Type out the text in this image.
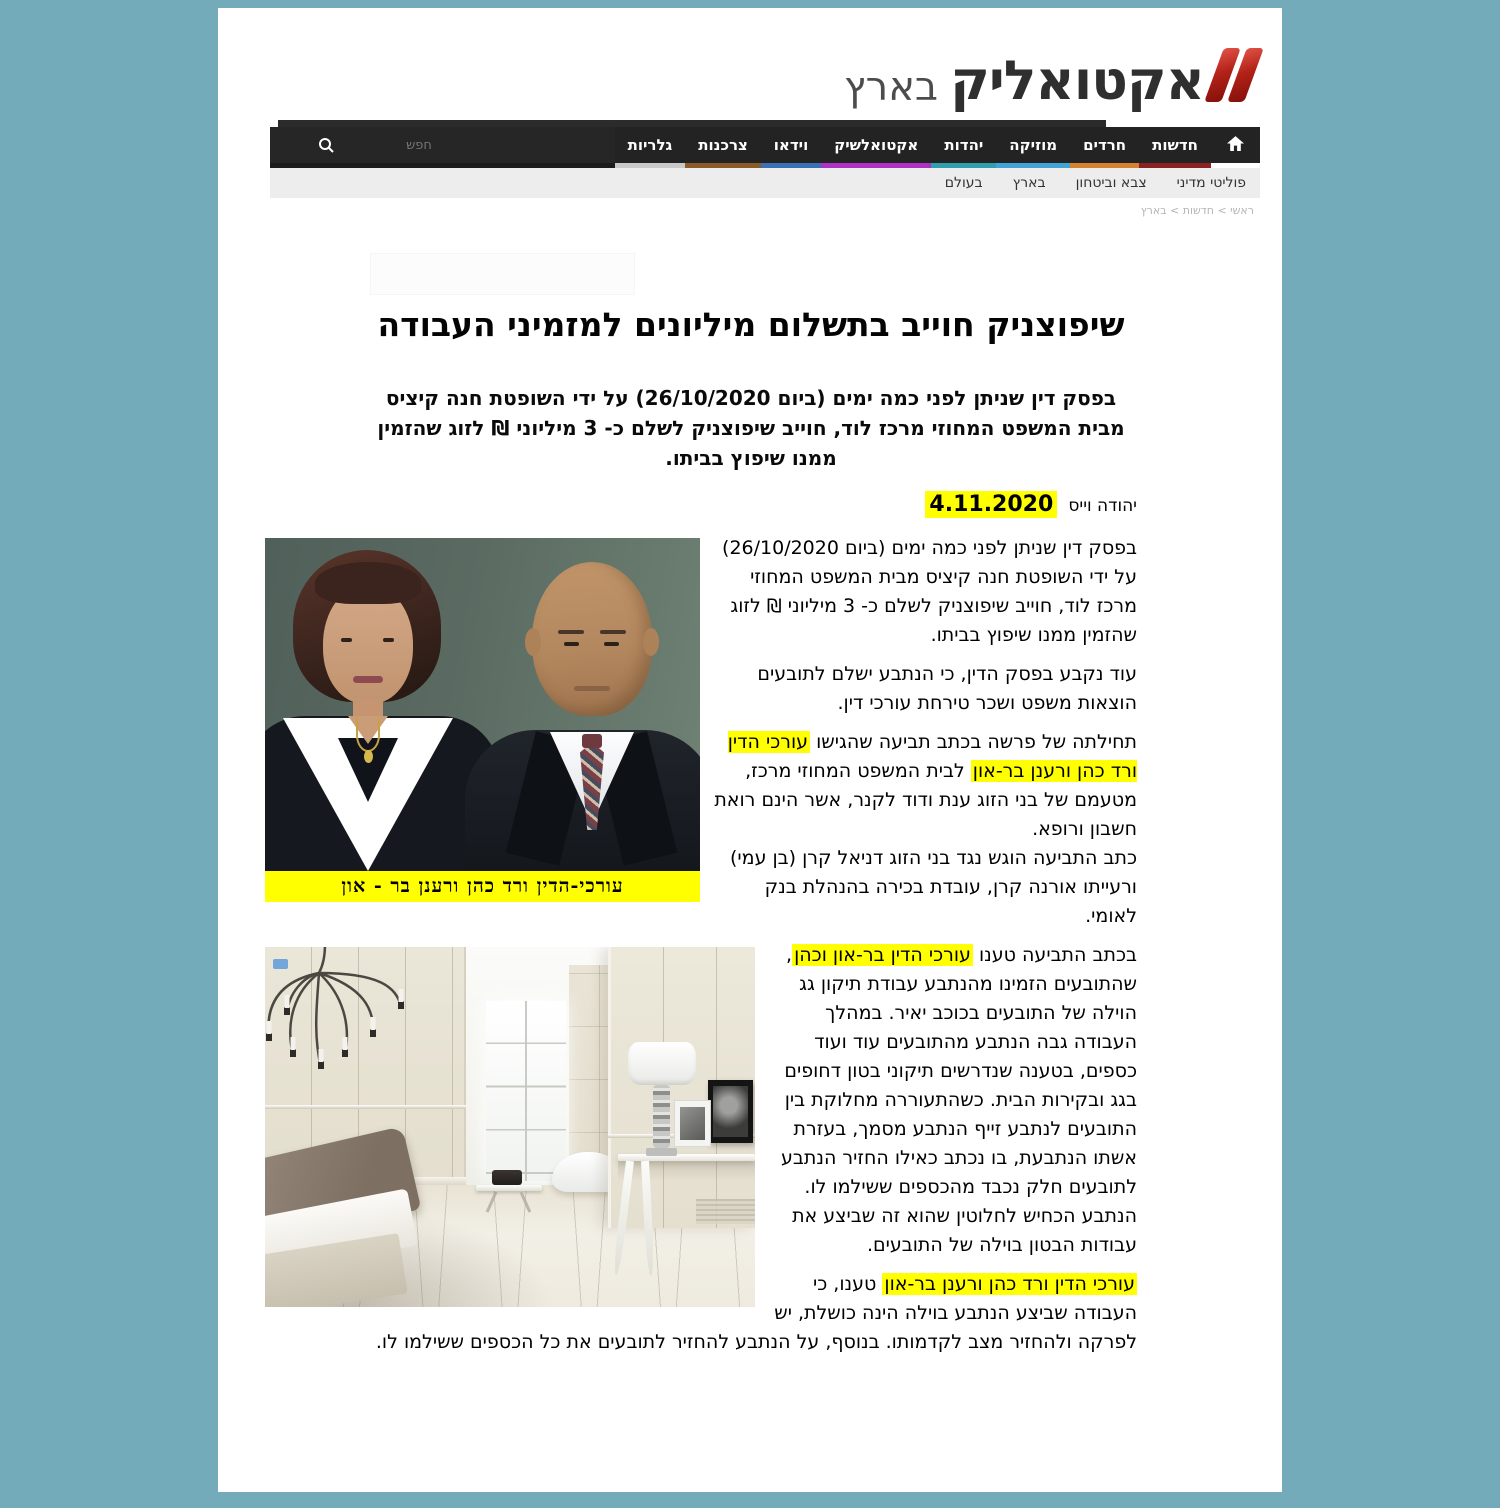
אקטואליק
בארץ
חדשות
חרדים
מוזיקה
יהדות
אקטואלשיק
וידאו
צרכנות
גלריות
חפש
פוליטי מדיני
צבא וביטחון
בארץ
בעולם
ראשי > חדשות > בארץ
שיפוצניק חוייב בתשלום מיליונים למזמיני העבודה
בפסק דין שניתן לפני כמה ימים (ביום 26/10/2020) על ידי השופטת חנה קיציס מבית המשפט המחוזי מרכז לוד, חוייב שיפוצניק לשלם כ- 3 מיליוני ₪ לזוג שהזמין ממנו שיפוץ בביתו.
יהודה וייס 4.11.2020
עורכי-הדין ורד כהן ורענן בר - און

בפסק דין שניתן לפני כמה ימים (ביום 26/10/2020) על ידי השופטת חנה קיציס מבית המשפט המחוזי מרכז לוד, חוייב שיפוצניק לשלם כ- 3 מיליוני ₪ לזוג שהזמין ממנו שיפוץ בביתו.

עוד נקבע בפסק הדין, כי הנתבע ישלם לתובעים הוצאות משפט ושכר טירחת עורכי דין.

תחילתה של פרשה בכתב תביעה שהגישו עורכי הדין ורד כהן ורענן בר-און לבית המשפט המחוזי מרכז, מטעמם של בני הזוג ענת ודוד לקנר, אשר הינם רואת חשבון ורופא.

כתב התביעה הוגש נגד בני הזוג דניאל קרן (בן עמי) ורעייתו אורנה קרן, עובדת בכירה בהנהלת בנק לאומי.

בכתב התביעה טענו עורכי הדין בר-און וכהן, שהתובעים הזמינו מהנתבע עבודת תיקון גג הוילה של התובעים בכוכב יאיר. במהלך העבודה גבה הנתבע מהתובעים עוד ועוד כספים, בטענה שנדרשים תיקוני בטון דחופים בגג ובקירות הבית. כשהתעוררה מחלוקת בין התובעים לנתבע זייף הנתבע מסמך, בעזרת אשתו הנתבעת, בו נכתב כאילו החזיר הנתבע לתובעים חלק נכבד מהכספים ששילמו לו. הנתבע הכחיש לחלוטין שהוא זה שביצע את עבודות הבטון בוילה של התובעים.

עורכי הדין ורד כהן ורענן בר-און טענו, כי העבודה שביצע הנתבע בוילה הינה כושלת, יש לפרקה ולהחזיר מצב לקדמותו. בנוסף, על הנתבע להחזיר לתובעים את כל הכספים ששילמו לו.
